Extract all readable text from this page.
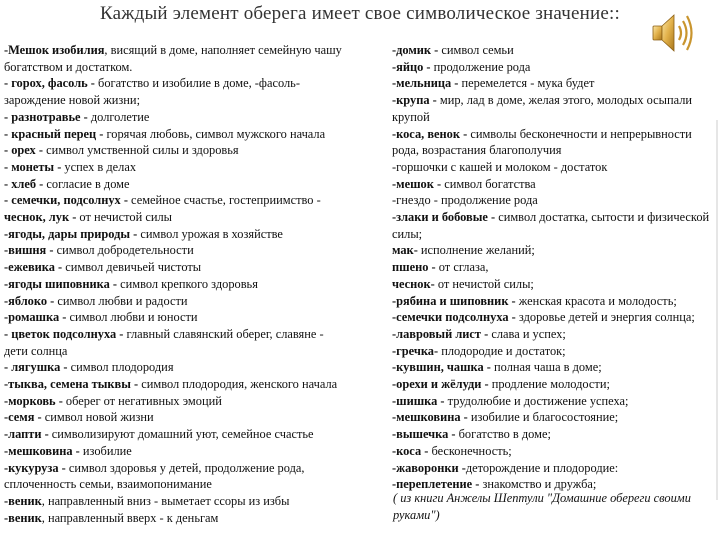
Каждый элемент оберега имеет свое символическое значение::

-Мешок изобилия, висящий в доме, наполняет семейную чашу богатством и достатком.

- горох, фасоль - богатство и изобилие в доме, -фасоль-зарождение новой жизни;

- разнотравье - долголетие

- красный перец - горячая любовь, символ мужского начала

- орех - символ умственной силы и здоровья

- монеты - успех в делах

- хлеб - согласие в доме

- семечки, подсолнух - семейное счастье, гостеприимство -

чеснок, лук - от нечистой силы

-ягоды, дары природы - символ урожая в хозяйстве

-вишня - символ добродетельности

-ежевика - символ девичьей чистоты

-ягоды шиповника - символ крепкого здоровья

-яблоко - символ любви и радости

-ромашка - символ любви и юности

- цветок подсолнуха - главный славянский оберег, славяне - дети солнца

- лягушка - символ плодородия

-тыква, семена тыквы - символ плодородия, женского начала

-морковь - оберег от негативных эмоций

-семя - символ новой жизни

-лапти - символизируют домашний уют, семейное счастье

-мешковина - изобилие

-кукуруза - символ здоровья у детей, продолжение рода, сплоченность семьи, взаимопонимание

-веник, направленный вниз - выметает ссоры из избы

-веник, направленный вверх - к деньгам

-домик - символ семьи

-яйцо - продолжение рода

-мельница - перемелется - мука будет

-крупа - мир, лад в доме, желая этого, молодых осыпали крупой

-коса, венок - символы бесконечности и непрерывности рода, возрастания благополучия

-горшочки с кашей и молоком - достаток

-мешок - символ богатства

-гнездо - продолжение рода

-злаки и бобовые - символ достатка, сытости и физической силы;

мак- исполнение желаний;

пшено - от сглаза,

чеснок- от нечистой силы;

-рябина и шиповник - женская красота и молодость;

-семечки подсолнуха - здоровье детей и энергия солнца;

-лавровый лист - слава и успех;

-гречка- плодородие и достаток;

-кувшин, чашка - полная чаша в доме;

-орехи и жёлуди - продление молодости;

-шишка - трудолюбие и достижение успеха;

-мешковина - изобилие и благосостояние;

-вышечка - богатство в доме;

-коса - бесконечность;

-жаворонки -деторождение и плодородие:

-переплетение - знакомство и дружба;

( из книги Анжелы Шептули "Домашние обереги своими руками")
